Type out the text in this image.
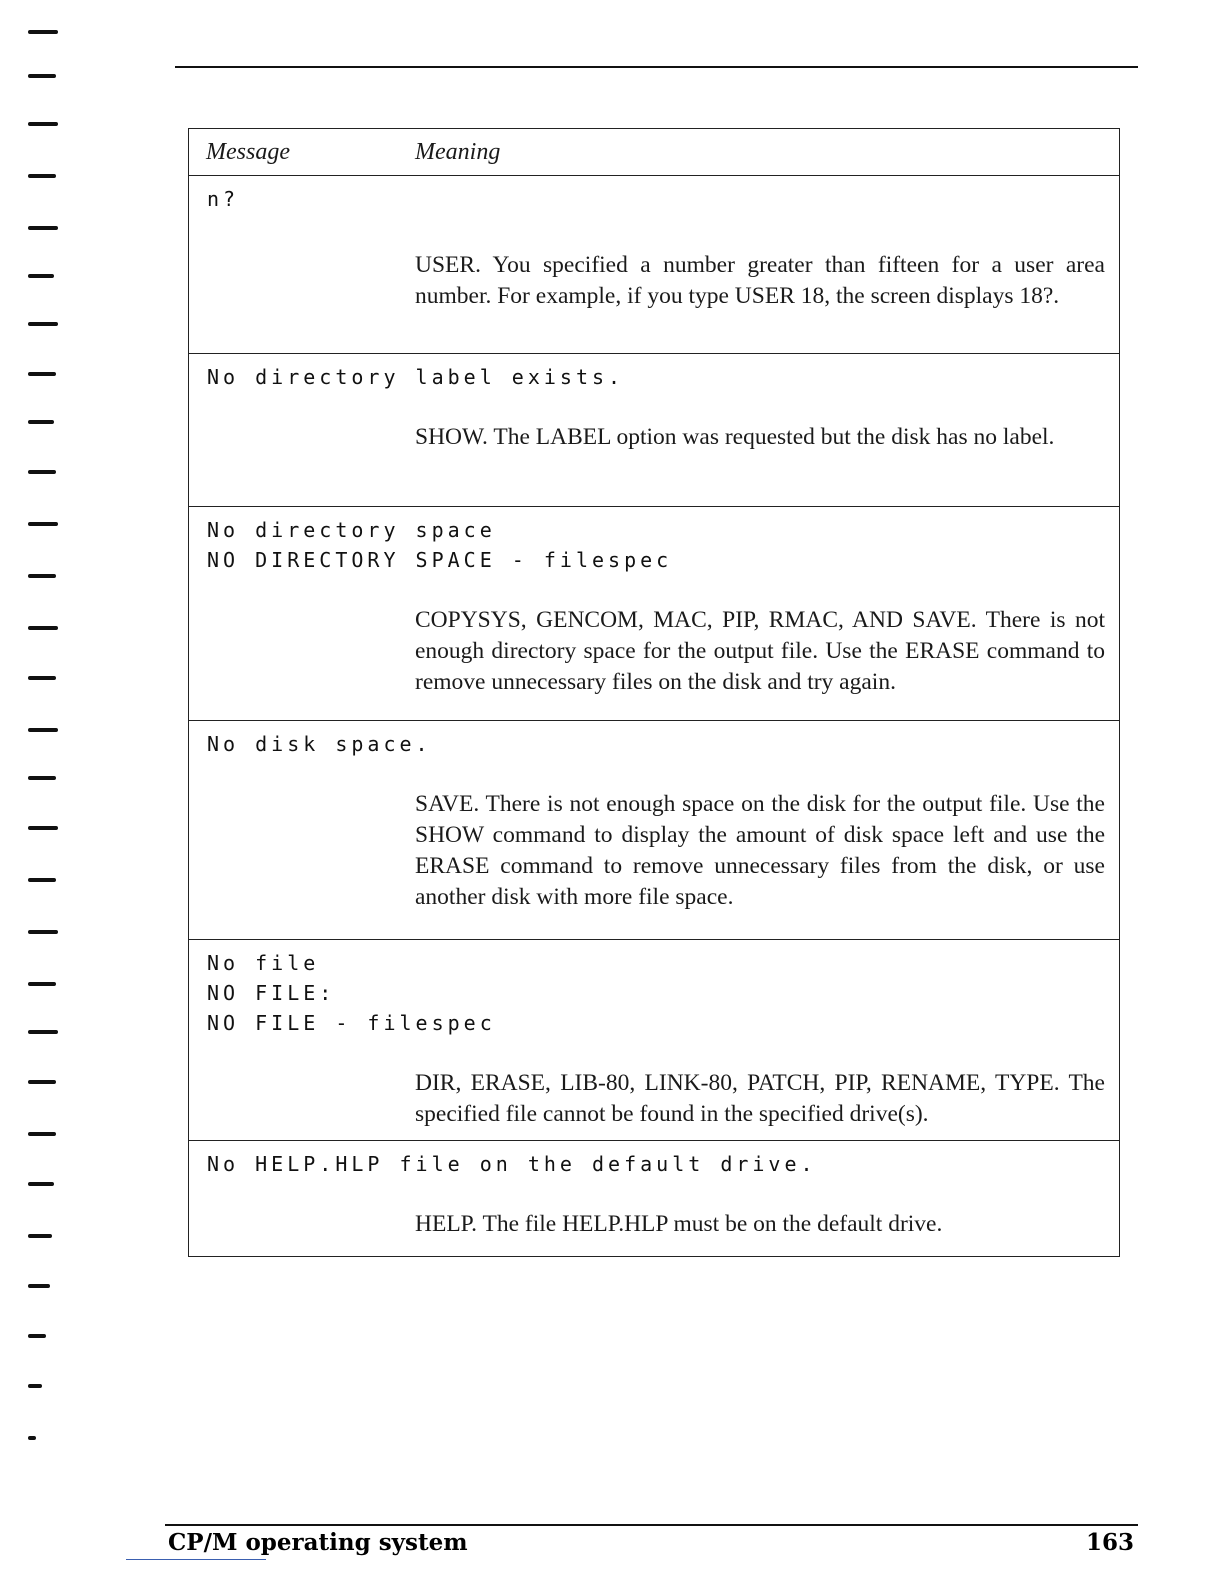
Message	Meaning
n?
USER. You specified a number greater than fifteen for a user area number. For example, if you type USER 18, the screen displays 18?.
No directory label exists.
SHOW. The LABEL option was requested but the disk has no label.
No directory space
NO DIRECTORY SPACE - filespec
COPYSYS, GENCOM, MAC, PIP, RMAC, AND SAVE. There is not enough directory space for the output file. Use the ERASE command to remove unnecessary files on the disk and try again.
No disk space.
SAVE. There is not enough space on the disk for the output file. Use the SHOW command to display the amount of disk space left and use the ERASE command to remove unnecessary files from the disk, or use another disk with more file space.
No file
NO FILE:
NO FILE - filespec
DIR, ERASE, LIB-80, LINK-80, PATCH, PIP, RENAME, TYPE. The specified file cannot be found in the specified drive(s).
No HELP.HLP file on the default drive.
HELP. The file HELP.HLP must be on the default drive.
CP/M operating system	163
